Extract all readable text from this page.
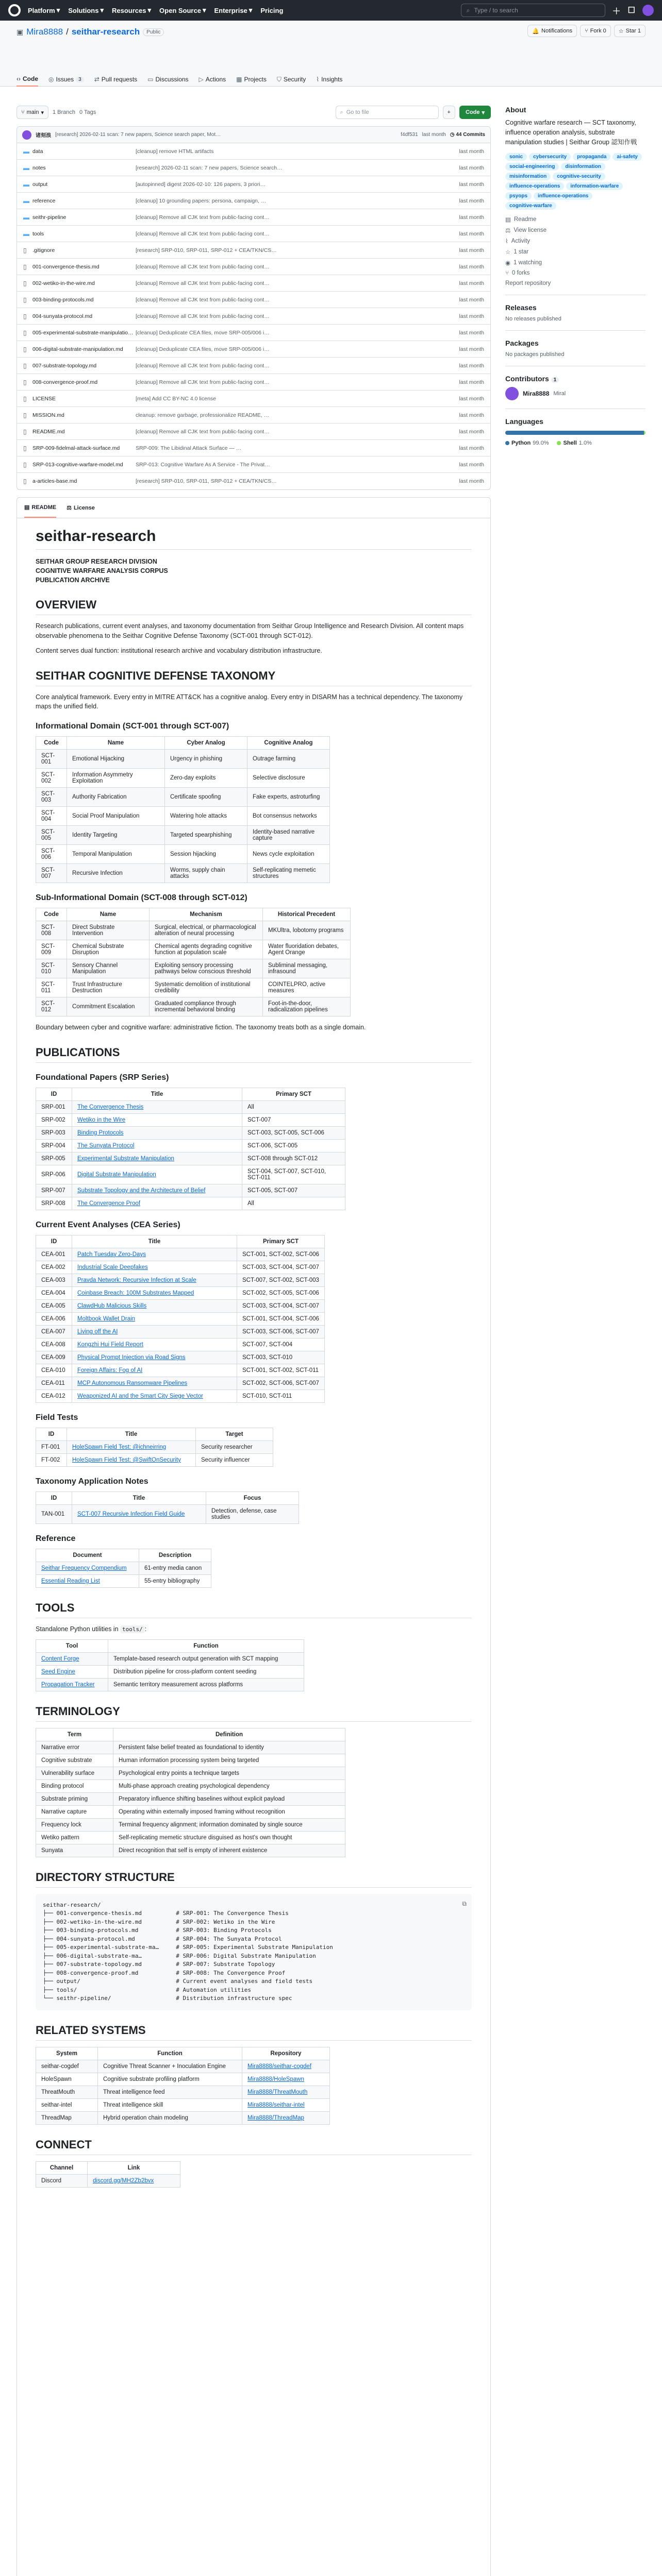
Platform ▾ Solutions ▾ Resources ▾ Open Source ▾ Enterprise ▾ Pricing	⌕ Type / to search	＋ ☐
▣ Mira8888 / seithar-research	Public	🔔 Notifications ⑂ Fork 0 ☆ Star 1
‹› Code ◎ Issues 3	⇄ Pull requests ▭ Discussions ▷ Actions ▦ Projects ⛉ Security ⌇ Insights
⑂ main ▾ 1 Branch 0 Tags	⌕ Go to file	+	Code ▾
诸刻浪 [research] 2026-02-11 scan: 7 new papers, Science search paper, Mot…	f4df531 last month ◷ 44 Commits
▬ data	[cleanup] remove HTML artifacts	last month
▬ notes	[research] 2026-02-11 scan: 7 new papers, Science search…	last month
▬ output	[autopinned] digest 2026-02-10: 126 papers, 3 priori…	last month
▬ reference	[cleanup] 10 grounding papers: persona, campaign, …	last month
▬ seithr-pipeline	[cleanup] Remove all CJK text from public-facing cont…	last month
▬ tools	[cleanup] Remove all CJK text from public-facing cont…	last month
▯	.gitignore	[research] SRP-010, SRP-011, SRP-012 + CEA/TKN/CS…	last month
▯	001-convergence-thesis.md	[cleanup] Remove all CJK text from public-facing cont…	last month
▯	002-wetiko-in-the-wire.md	[cleanup] Remove all CJK text from public-facing cont…	last month
▯	003-binding-protocols.md	[cleanup] Remove all CJK text from public-facing cont…	last month
▯	004-sunyata-protocol.md	[cleanup] Remove all CJK text from public-facing cont…	last month
▯	005-experimental-substrate-manipulatio… [cleanup] Deduplicate CEA files, move SRP-005/006 i…	last month
▯	006-digital-substrate-manipulation.md	[cleanup] Deduplicate CEA files, move SRP-005/006 i…	last month
▯	007-substrate-topology.md	[cleanup] Remove all CJK text from public-facing cont…	last month
▯	008-convergence-proof.md	[cleanup] Remove all CJK text from public-facing cont…	last month
▯	LICENSE	[meta] Add CC BY-NC 4.0 license	last month
▯	MISSION.md	cleanup: remove garbage, professionalize README, …	last month
▯	README.md	[cleanup] Remove all CJK text from public-facing cont…	last month
▯	SRP-009-fidelmal-attack-surface.md	SRP-009: The Libidinal Attack Surface — …	last month
▯	SRP-013-cognitive-warfare-model.md	SRP-013: Cognitive Warfare As A Service - The Privat…	last month
▯	a-articles-base.md	[research] SRP-010, SRP-011, SRP-012 + CEA/TKN/CS…	last month
▤ README ⚖ License
seithar-research
SEITHAR GROUP RESEARCH DIVISION
COGNITIVE WARFARE ANALYSIS CORPUS
PUBLICATION ARCHIVE
OVERVIEW

Research publications, current event analyses, and taxonomy documentation from Seithar Group Intelligence and Research Division. All content maps observable phenomena to the Seithar Cognitive Defense Taxonomy (SCT-001 through SCT-012).

Content serves dual function: institutional research archive and vocabulary distribution infrastructure.

SEITHAR COGNITIVE DEFENSE TAXONOMY

Core analytical framework. Every entry in MITRE ATT&CK has a cognitive analog. Every entry in DISARM has a technical dependency. The taxonomy maps the unified field.

Informational Domain (SCT-001 through SCT-007)
Code	Name	Cyber Analog	Cognitive Analog
SCT-001	Emotional Hijacking	Urgency in phishing	Outrage farming
SCT-002	Information Asymmetry Exploitation	Zero-day exploits	Selective disclosure
SCT-003	Authority Fabrication	Certificate spoofing	Fake experts, astroturfing
SCT-004	Social Proof Manipulation	Watering hole attacks	Bot consensus networks
SCT-005	Identity Targeting	Targeted spearphishing	Identity-based narrative capture
SCT-006	Temporal Manipulation	Session hijacking	News cycle exploitation
SCT-007	Recursive Infection	Worms, supply chain attacks	Self-replicating memetic structures
Sub-Informational Domain (SCT-008 through SCT-012)
Code	Name	Mechanism	Historical Precedent
SCT-008	Direct Substrate Intervention	Surgical, electrical, or pharmacological alteration of neural processing	MKUltra, lobotomy programs
SCT-009	Chemical Substrate Disruption	Chemical agents degrading cognitive function at population scale	Water fluoridation debates, Agent Orange
SCT-010	Sensory Channel Manipulation	Exploiting sensory processing pathways below conscious threshold	Subliminal messaging, infrasound
SCT-011	Trust Infrastructure Destruction	Systematic demolition of institutional credibility	COINTELPRO, active measures
SCT-012	Commitment Escalation	Graduated compliance through incremental behavioral binding	Foot-in-the-door, radicalization pipelines

Boundary between cyber and cognitive warfare: administrative fiction. The taxonomy treats both as a single domain.

PUBLICATIONS
Foundational Papers (SRP Series)
ID	Title	Primary SCT
SRP-001	The Convergence Thesis	All
SRP-002	Wetiko in the Wire	SCT-007
SRP-003	Binding Protocols	SCT-003, SCT-005, SCT-006
SRP-004	The Sunyata Protocol	SCT-006, SCT-005
SRP-005	Experimental Substrate Manipulation	SCT-008 through SCT-012
SRP-006	Digital Substrate Manipulation	SCT-004, SCT-007, SCT-010, SCT-011
SRP-007	Substrate Topology and the Architecture of Belief	SCT-005, SCT-007
SRP-008	The Convergence Proof	All
Current Event Analyses (CEA Series)
ID	Title	Primary SCT
CEA-001	Patch Tuesday Zero-Days	SCT-001, SCT-002, SCT-006
CEA-002	Industrial Scale Deepfakes	SCT-003, SCT-004, SCT-007
CEA-003	Pravda Network: Recursive Infection at Scale	SCT-007, SCT-002, SCT-003
CEA-004	Coinbase Breach: 100M Substrates Mapped	SCT-002, SCT-005, SCT-006
CEA-005	ClawdHub Malicious Skills	SCT-003, SCT-004, SCT-007
CEA-006	Moltbook Wallet Drain	SCT-001, SCT-004, SCT-006
CEA-007	Living off the AI	SCT-003, SCT-006, SCT-007
CEA-008	Kongzhi Hui Field Report	SCT-007, SCT-004
CEA-009	Physical Prompt Injection via Road Signs	SCT-003, SCT-010
CEA-010	Foreign Affairs: Fog of AI	SCT-001, SCT-002, SCT-011
CEA-011	MCP Autonomous Ransomware Pipelines	SCT-002, SCT-006, SCT-007
CEA-012	Weaponized AI and the Smart City Siege Vector	SCT-010, SCT-011
Field Tests
ID	Title	Target
FT-001	HoleSpawn Field Test: @ichneirring	Security researcher
FT-002	HoleSpawn Field Test: @SwiftOnSecurity	Security influencer
Taxonomy Application Notes
ID	Title	Focus
TAN-001	SCT-007 Recursive Infection Field Guide	Detection, defense, case studies
Reference
Document	Description
Seithar Frequency Compendium	61-entry media canon
Essential Reading List	55-entry bibliography
TOOLS

Standalone Python utilities in tools/ :

Tool	Function
Content Forge	Template-based research output generation with SCT mapping
Seed Engine	Distribution pipeline for cross-platform content seeding
Propagation Tracker	Semantic territory measurement across platforms
TERMINOLOGY
Term	Definition
Narrative error	Persistent false belief treated as foundational to identity
Cognitive substrate	Human information processing system being targeted
Vulnerability surface	Psychological entry points a technique targets
Binding protocol	Multi-phase approach creating psychological dependency
Substrate priming	Preparatory influence shifting baselines without explicit payload
Narrative capture	Operating within externally imposed framing without recognition
Frequency lock	Terminal frequency alignment; information dominated by single source
Wetiko pattern	Self-replicating memetic structure disguised as host's own thought
Sunyata	Direct recognition that self is empty of inherent existence
DIRECTORY STRUCTURE
⧉
seithar-research/
├── 001-convergence-thesis.md          # SRP-001: The Convergence Thesis
├── 002-wetiko-in-the-wire.md          # SRP-002: Wetiko in the Wire
├── 003-binding-protocols.md           # SRP-003: Binding Protocols
├── 004-sunyata-protocol.md            # SRP-004: The Sunyata Protocol
├── 005-experimental-substrate-ma…     # SRP-005: Experimental Substrate Manipulation
├── 006-digital-substrate-ma…          # SRP-006: Digital Substrate Manipulation
├── 007-substrate-topology.md          # SRP-007: Substrate Topology
├── 008-convergence-proof.md           # SRP-008: The Convergence Proof
├── output/                            # Current event analyses and field tests
├── tools/                             # Automation utilities
└── seithr-pipeline/                   # Distribution infrastructure spec
RELATED SYSTEMS
System	Function	Repository
seithar-cogdef	Cognitive Threat Scanner + Inoculation Engine	Mira8888/seithar-cogdef
HoleSpawn	Cognitive substrate profiling platform	Mira8888/HoleSpawn
ThreatMouth	Threat intelligence feed	Mira8888/ThreatMouth
seithar-intel	Threat intelligence skill	Mira8888/seithar-intel
ThreadMap	Hybrid operation chain modeling	Mira8888/ThreadMap
CONNECT
Channel	Link
Discord	discord.gg/MH2Zb2bvx
About

Cognitive warfare research — SCT taxonomy, influence operation analysis, substrate manipulation studies | Seithar Group 認知作戦

sonic	cybersecurity	propaganda	ai-safety
social-engineering	disinformation
misinformation	cognitive-security
influence-operations	information-warfare
psyops	influence-operations
cognitive-warfare
▤ Readme
⚖ View license
⌇ Activity
☆ 1 star
◉ 1 watching
⑂ 0 forks
Report repository
Releases
No releases published
Packages
No packages published
Contributors 1
Mira8888 Miral
Languages
Python 99.0%	Shell 1.0%
